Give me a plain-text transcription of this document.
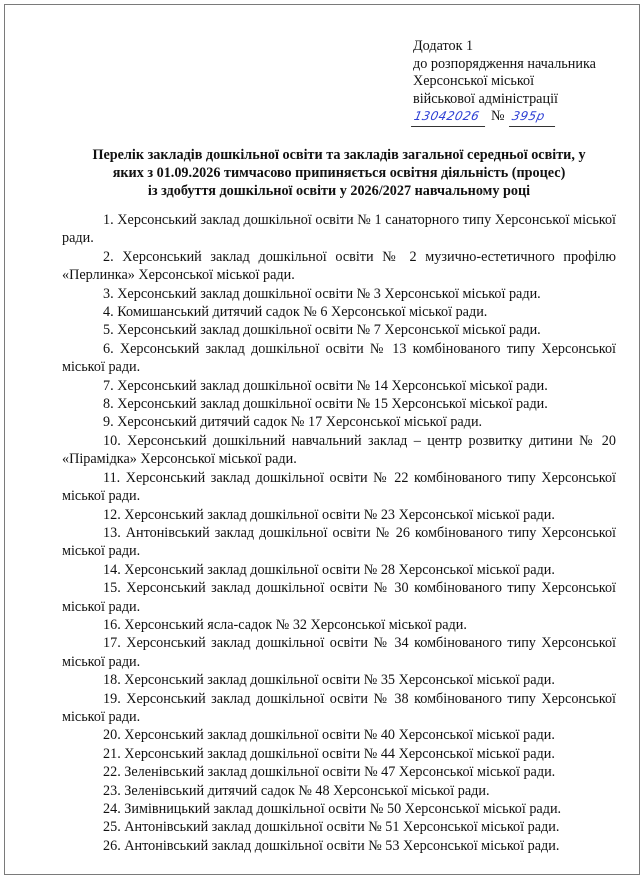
Додаток 1
до розпорядження начальника
Херсонської міської
військової адміністрації
13042026 № 395р
Перелік закладів дошкільної освіти та закладів загальної середньої освіти, у
яких з 01.09.2026 тимчасово припиняється освітня діяльність (процес)
із здобуття дошкільної освіти у 2026/2027 навчальному році

1. Херсонський заклад дошкільної освіти № 1 санаторного типу Херсонської міської ради.

2. Херсонський заклад дошкільної освіти № 2 музично-естетичного профілю «Перлинка» Херсонської міської ради.

3. Херсонський заклад дошкільної освіти № 3 Херсонської міської ради.

4. Комишанський дитячий садок № 6 Херсонської міської ради.

5. Херсонський заклад дошкільної освіти № 7 Херсонської міської ради.

6. Херсонський заклад дошкільної освіти № 13 комбінованого типу Херсонської міської ради.

7. Херсонський заклад дошкільної освіти № 14 Херсонської міської ради.

8. Херсонський заклад дошкільної освіти № 15 Херсонської міської ради.

9. Херсонський дитячий садок № 17 Херсонської міської ради.

10. Херсонський дошкільний навчальний заклад – центр розвитку дитини № 20 «Пірамідка» Херсонської міської ради.

11. Херсонський заклад дошкільної освіти № 22 комбінованого типу Херсонської міської ради.

12. Херсонський заклад дошкільної освіти № 23 Херсонської міської ради.

13. Антонівський заклад дошкільної освіти № 26 комбінованого типу Херсонської міської ради.

14. Херсонський заклад дошкільної освіти № 28 Херсонської міської ради.

15. Херсонський заклад дошкільної освіти № 30 комбінованого типу Херсонської міської ради.

16. Херсонський ясла-садок № 32 Херсонської міської ради.

17. Херсонський заклад дошкільної освіти № 34 комбінованого типу Херсонської міської ради.

18. Херсонський заклад дошкільної освіти № 35 Херсонської міської ради.

19. Херсонський заклад дошкільної освіти № 38 комбінованого типу Херсонської міської ради.

20. Херсонський заклад дошкільної освіти № 40 Херсонської міської ради.

21. Херсонський заклад дошкільної освіти № 44 Херсонської міської ради.

22. Зеленівський заклад дошкільної освіти № 47 Херсонської міської ради.

23. Зеленівський дитячий садок № 48 Херсонської міської ради.

24. Зимівницький заклад дошкільної освіти № 50 Херсонської міської ради.

25. Антонівський заклад дошкільної освіти № 51 Херсонської міської ради.

26. Антонівський заклад дошкільної освіти № 53 Херсонської міської ради.
